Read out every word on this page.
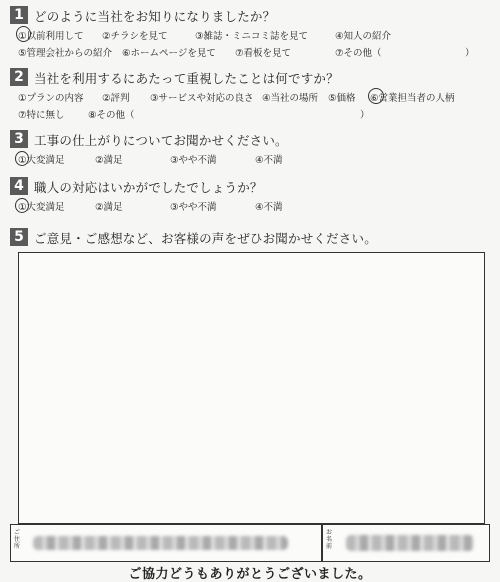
1 どのように当社をお知りになりましたか？
①以前利用して ②チラシを見て	③雑誌・ミニコミ誌を見て	④知人の紹介
⑤管理会社からの紹介 ⑥ホームページを見て ⑦看板を見て	⑦その他（	）
2 当社を利用するにあたって重視したことは何ですか？
①プランの内容 ②評判 ③サービスや対応の良さ ④当社の場所 ⑤価格 ⑥営業担当者の人柄
⑦特に無し ⑧その他（	）
3 工事の仕上がりについてお聞かせください。
①大変満足	②満足	③やや不満	④不満
4 職人の対応はいかがでしたでしょうか？
①大変満足	②満足	③やや不満	④不満
5 ご意見・ご感想など、お客様の声をぜひお聞かせください。
ご住所
お名前
ご協力どうもありがとうございました。
